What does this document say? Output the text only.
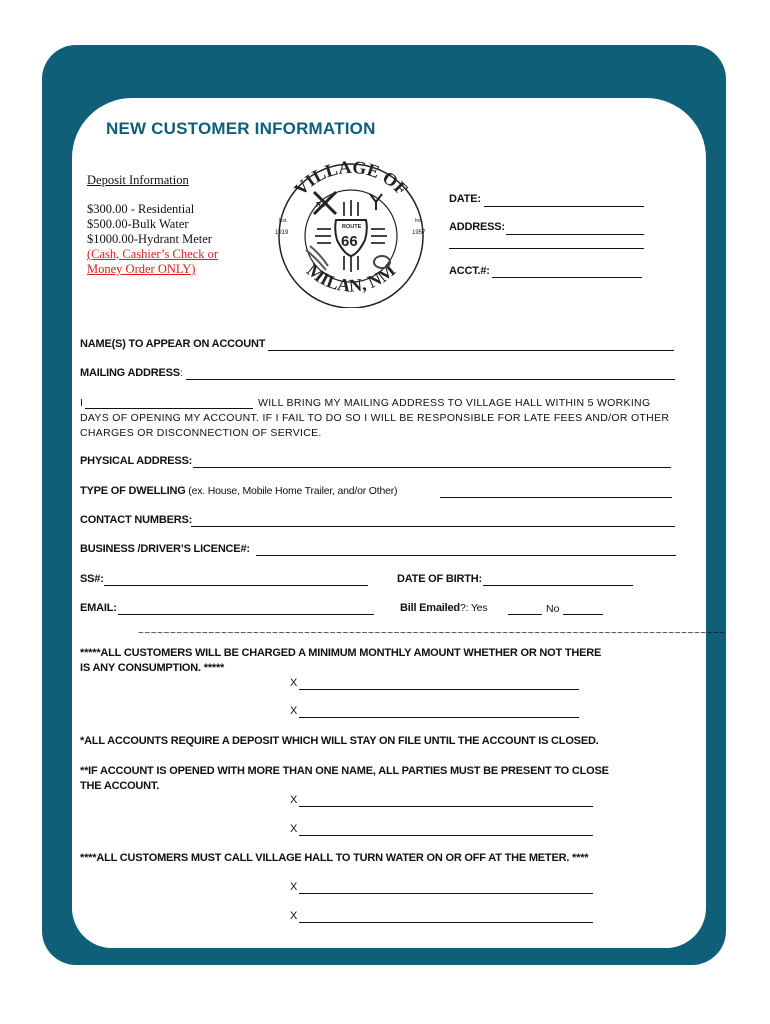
NEW CUSTOMER INFORMATION
Deposit Information
$300.00 - Residential
$500.00-Bulk Water
$1000.00-Hydrant Meter
(Cash, Cashier’s Check or
Money Order ONLY)
VILLAGE OF
MILAN, NM
Est.
1919
Inc.
1957
R R
ROUTE
66
DATE:
ADDRESS:
ACCT.#:
NAME(S) TO APPEAR ON ACCOUNT
MAILING ADDRESS:
I	WILL BRING MY MAILING ADDRESS TO VILLAGE HALL WITHIN 5 WORKING
DAYS OF OPENING MY ACCOUNT. IF I FAIL TO DO SO I WILL BE RESPONSIBLE FOR LATE FEES AND/OR OTHER
CHARGES OR DISCONNECTION OF SERVICE.
PHYSICAL ADDRESS:
TYPE OF DWELLING (ex. House, Mobile Home Trailer, and/or Other)
CONTACT NUMBERS:
BUSINESS /DRIVER’S LICENCE#:
SS#:	DATE OF BIRTH:
EMAIL:	Bill Emailed?: Yes	No
~~~~~~~~~~~~~~~~~~~~~~~~~~~~~~~~~~~~~~~~~~~~~~~~~~~~~~~~~~~~~~~~~~~~~~~~~~~~~~~~~~~~~~~~~~~~
*****ALL CUSTOMERS WILL BE CHARGED A MINIMUM MONTHLY AMOUNT WHETHER OR NOT THERE
IS ANY CONSUMPTION. *****
X
X
*ALL ACCOUNTS REQUIRE A DEPOSIT WHICH WILL STAY ON FILE UNTIL THE ACCOUNT IS CLOSED.
**IF ACCOUNT IS OPENED WITH MORE THAN ONE NAME, ALL PARTIES MUST BE PRESENT TO CLOSE
THE ACCOUNT.
X
X
****ALL CUSTOMERS MUST CALL VILLAGE HALL TO TURN WATER ON OR OFF AT THE METER. ****
X
X
